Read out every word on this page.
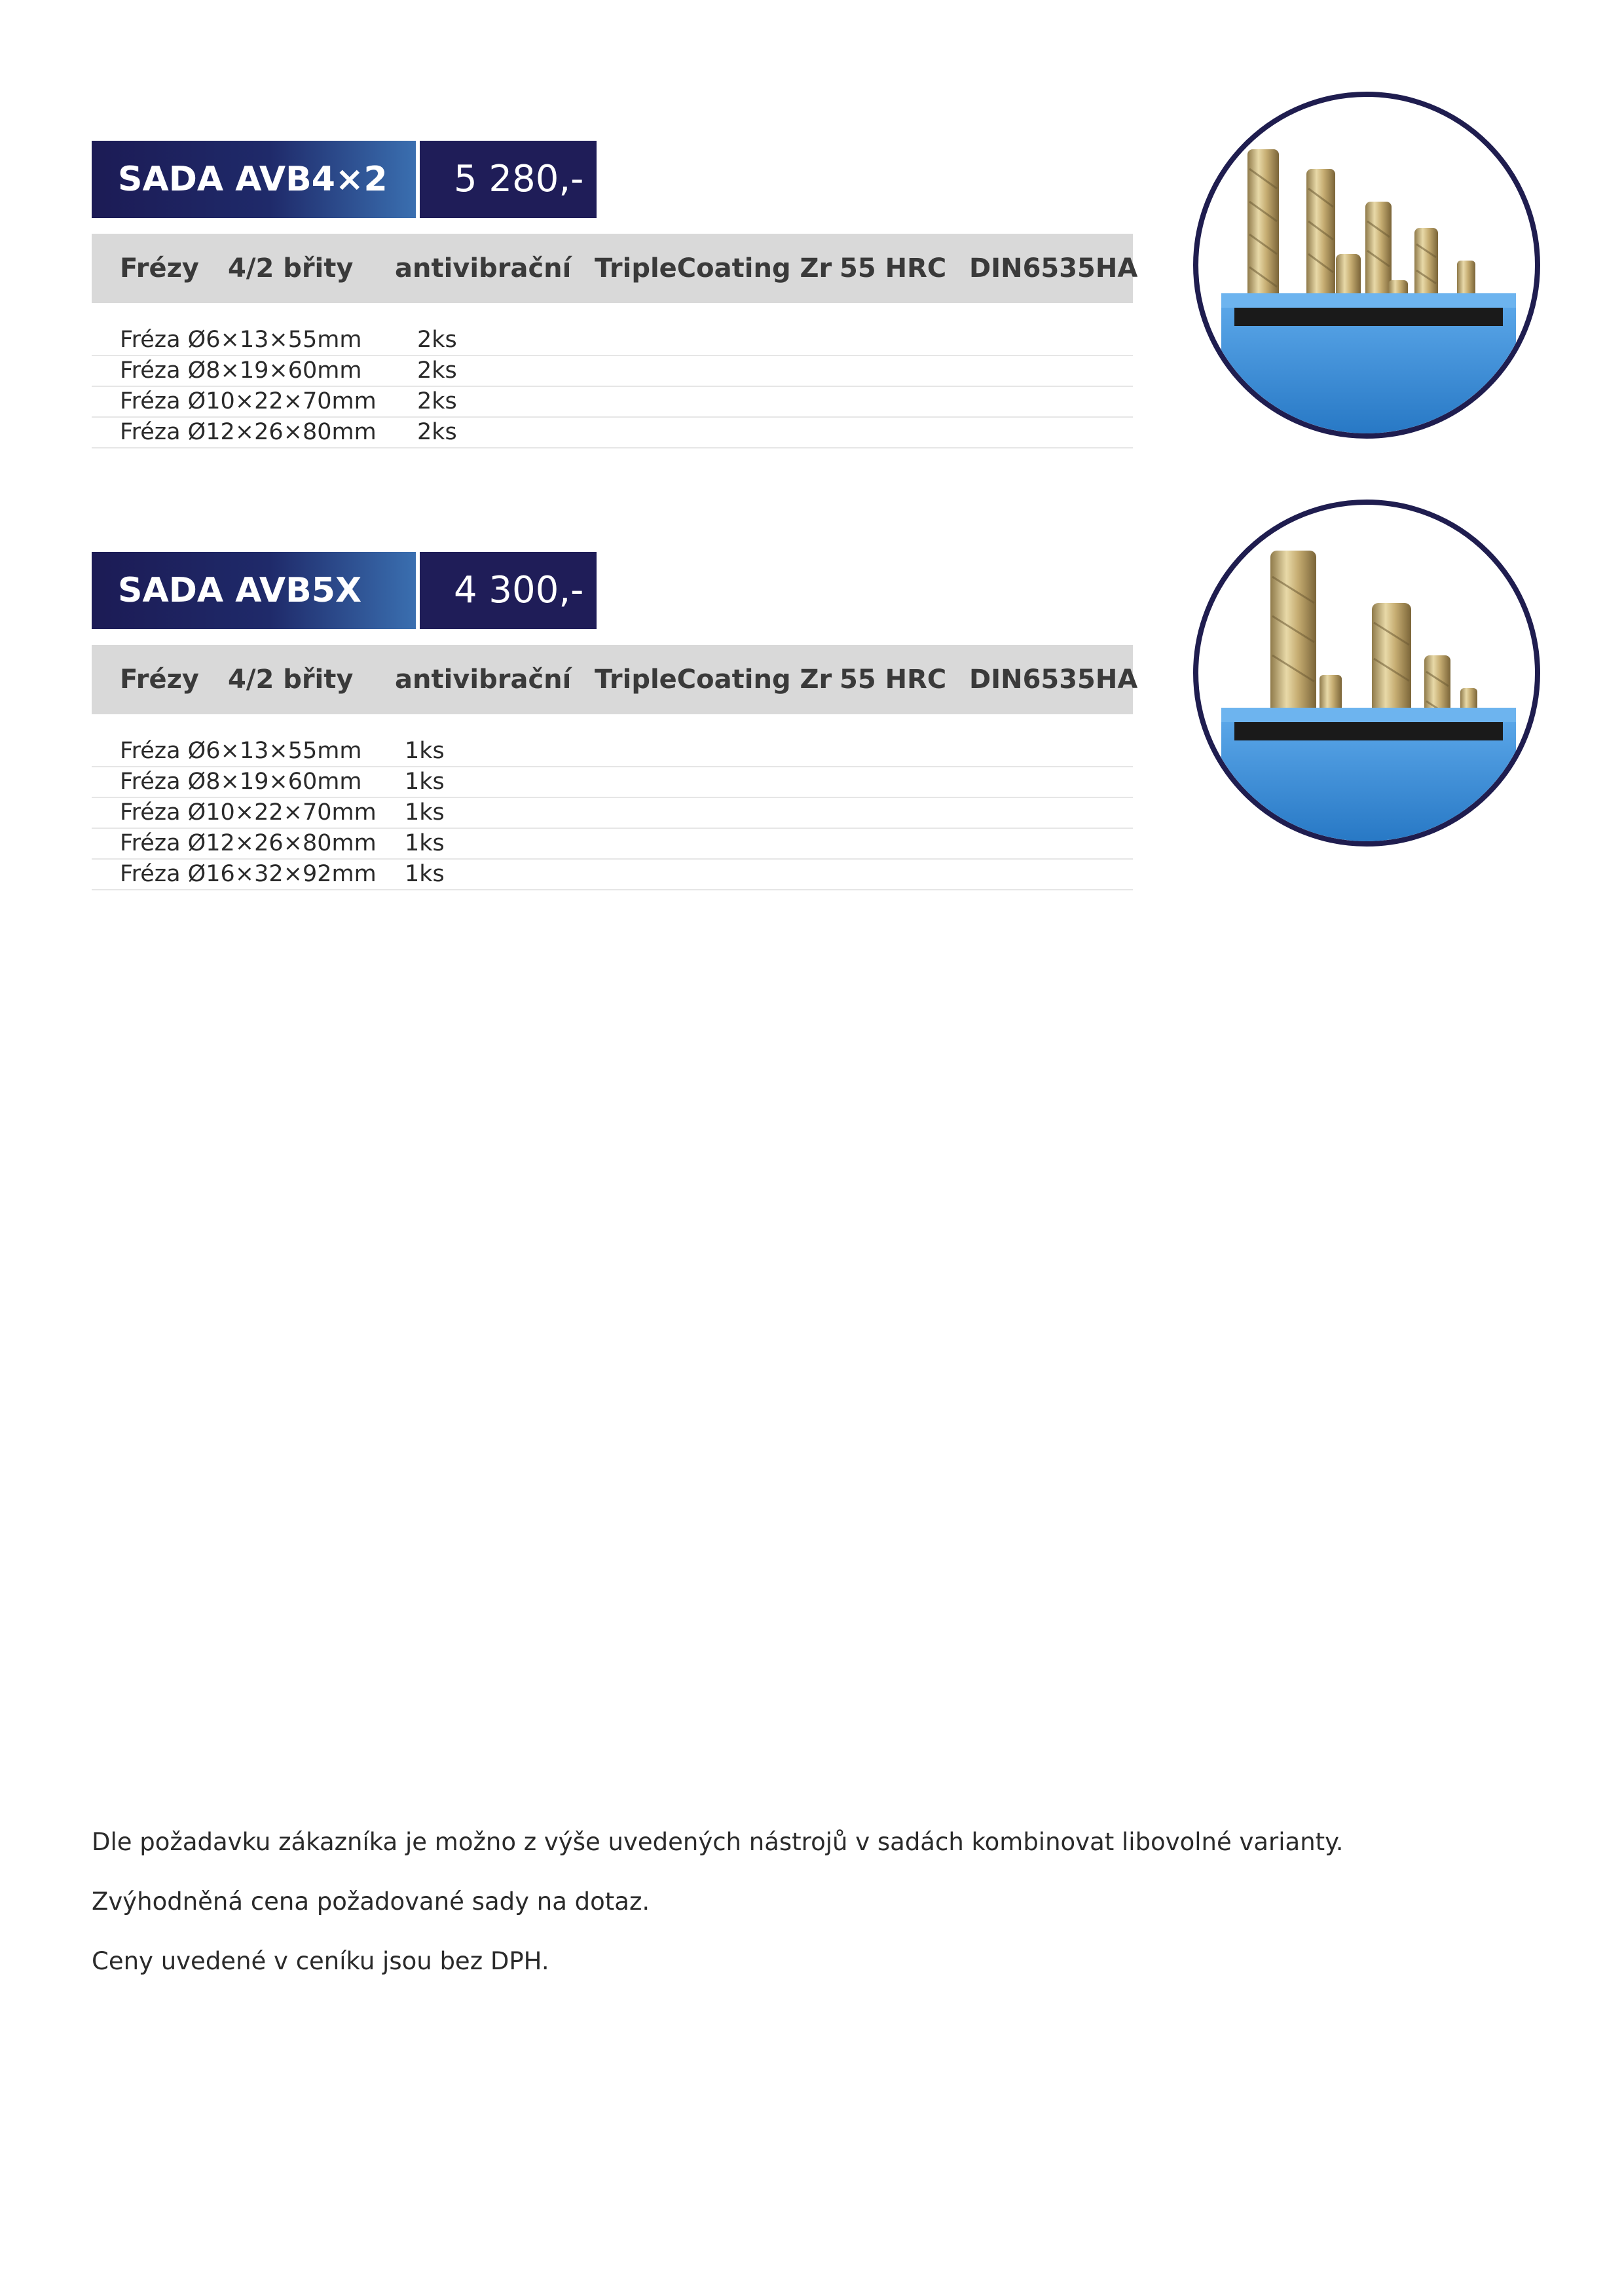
SADA AVB4×2	5 280,-
Frézy 4/2 břity antivibrační TripleCoating Zr 55 HRC DIN6535HA
Fréza Ø6×13×55mm 2ks
Fréza Ø8×19×60mm 2ks
Fréza Ø10×22×70mm 2ks
Fréza Ø12×26×80mm 2ks
SADA AVB5X	4 300,-
Frézy 4/2 břity antivibrační TripleCoating Zr 55 HRC DIN6535HA
Fréza Ø6×13×55mm 1ks
Fréza Ø8×19×60mm 1ks
Fréza Ø10×22×70mm 1ks
Fréza Ø12×26×80mm 1ks
Fréza Ø16×32×92mm 1ks

Dle požadavku zákazníka je možno z výše uvedených nástrojů v sadách kombinovat libovolné varianty.

Zvýhodněná cena požadované sady na dotaz.

Ceny uvedené v ceníku jsou bez DPH.
